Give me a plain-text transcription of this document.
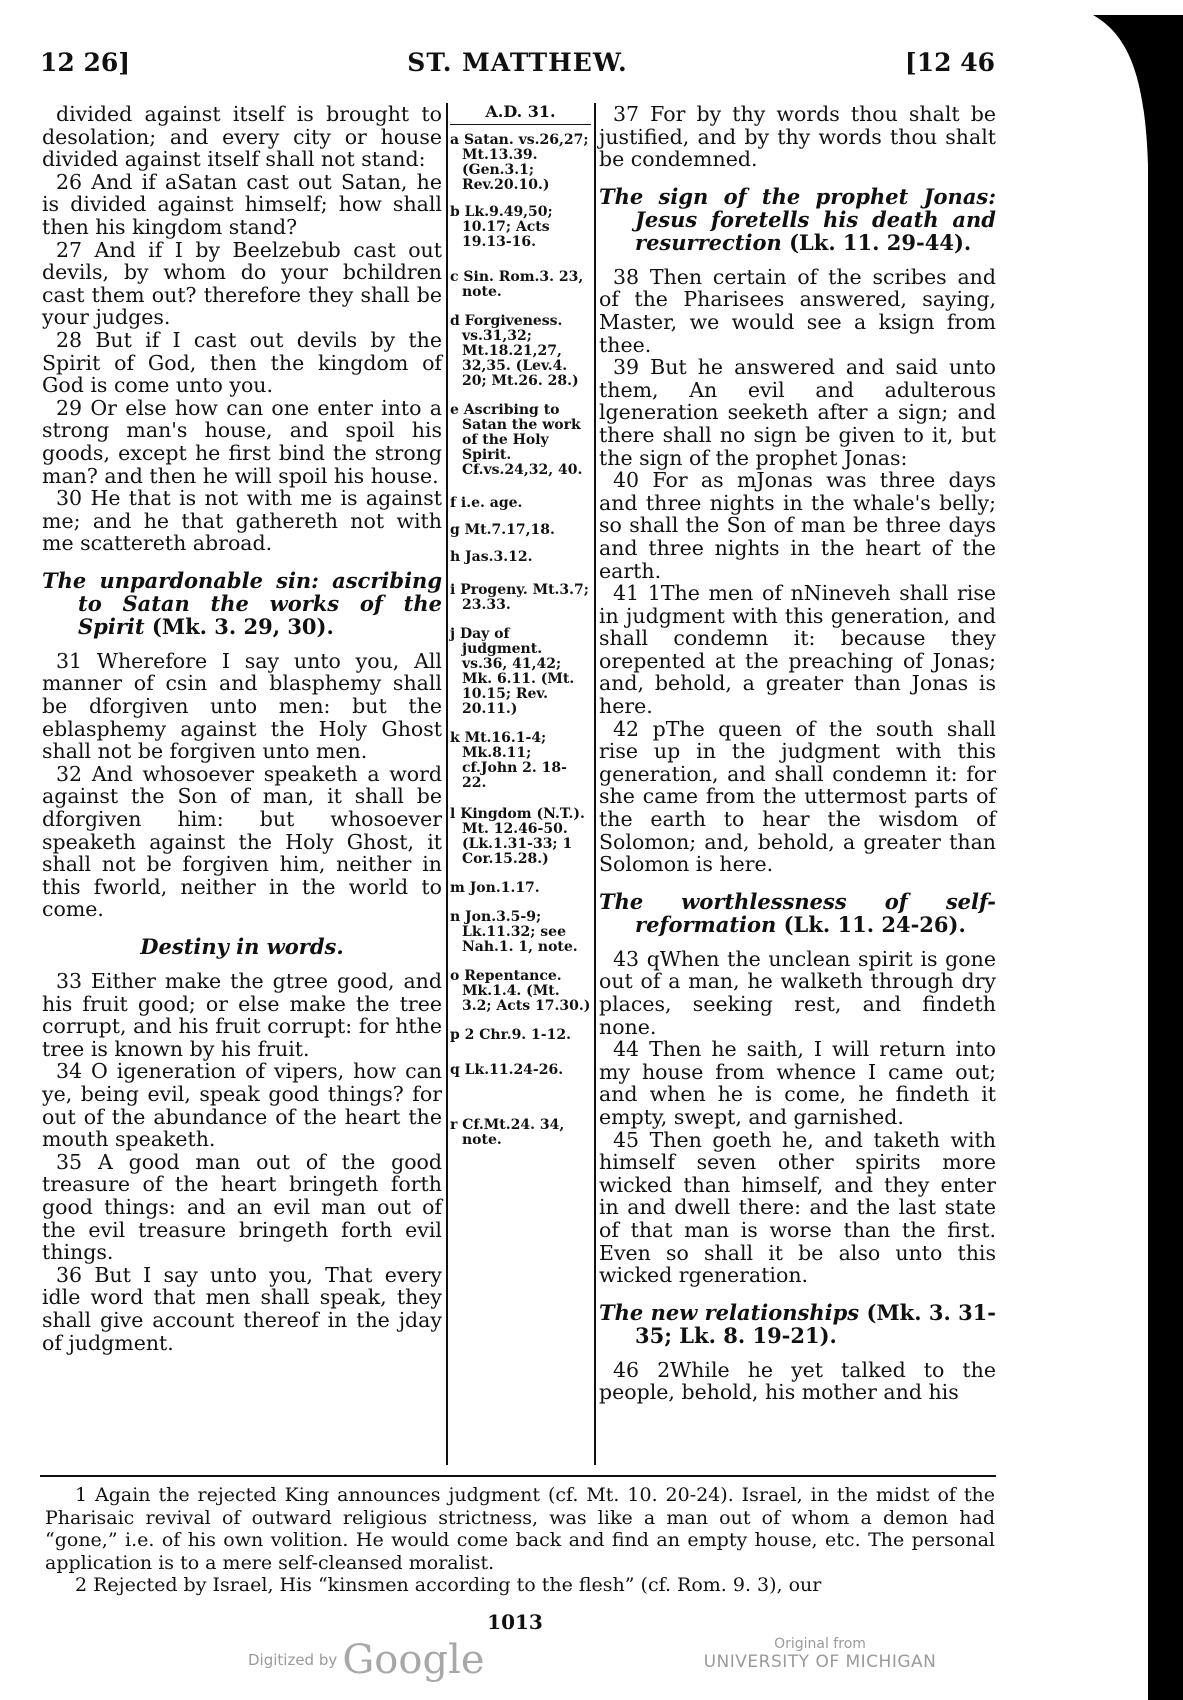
12 26]	ST. MATTHEW.	[12 46

divided against itself is brought to desolation; and every city or house divided against itself shall not stand:

26 And if aSatan cast out Satan, he is divided against himself; how shall then his kingdom stand?

27 And if I by Beelzebub cast out devils, by whom do your bchildren cast them out? therefore they shall be your judges.

28 But if I cast out devils by the Spirit of God, then the kingdom of God is come unto you.

29 Or else how can one enter into a strong man's house, and spoil his goods, except he first bind the strong man? and then he will spoil his house.

30 He that is not with me is against me; and he that gathereth not with me scattereth abroad.

The unpardonable sin: ascribing to Satan the works of the Spirit (Mk. 3. 29, 30).

31 Wherefore I say unto you, All manner of csin and blasphemy shall be dforgiven unto men: but the eblasphemy against the Holy Ghost shall not be forgiven unto men.

32 And whosoever speaketh a word against the Son of man, it shall be dforgiven him: but whosoever speaketh against the Holy Ghost, it shall not be forgiven him, neither in this fworld, neither in the world to come.

Destiny in words.

33 Either make the gtree good, and his fruit good; or else make the tree corrupt, and his fruit corrupt: for hthe tree is known by his fruit.

34 O igeneration of vipers, how can ye, being evil, speak good things? for out of the abundance of the heart the mouth speaketh.

35 A good man out of the good treasure of the heart bringeth forth good things: and an evil man out of the evil treasure bringeth forth evil things.

36 But I say unto you, That every idle word that men shall speak, they shall give account thereof in the jday of judgment.

A.D. 31.
a Satan. vs.26,27; Mt.13.39. (Gen.3.1; Rev.20.10.)
b Lk.9.49,50; 10.17; Acts 19.13-16.
c Sin. Rom.3. 23, note.
d Forgiveness. vs.31,32; Mt.18.21,27, 32,35. (Lev.4. 20; Mt.26. 28.)
e Ascribing to Satan the work of the Holy Spirit. Cf.vs.24,32, 40.
f i.e. age.
g Mt.7.17,18.
h Jas.3.12.
i Progeny. Mt.3.7; 23.33.
j Day of judgment. vs.36, 41,42; Mk. 6.11. (Mt. 10.15; Rev. 20.11.)
k Mt.16.1-4; Mk.8.11; cf.John 2. 18-22.
l Kingdom (N.T.). Mt. 12.46-50. (Lk.1.31-33; 1 Cor.15.28.)
m Jon.1.17.
n Jon.3.5-9; Lk.11.32; see Nah.1. 1, note.
o Repentance. Mk.1.4. (Mt. 3.2; Acts 17.30.)
p 2 Chr.9. 1-12.
q Lk.11.24-26.
r Cf.Mt.24. 34, note.

37 For by thy words thou shalt be justified, and by thy words thou shalt be condemned.

The sign of the prophet Jonas: Jesus foretells his death and resurrection (Lk. 11. 29-44).

38 Then certain of the scribes and of the Pharisees answered, saying, Master, we would see a ksign from thee.

39 But he answered and said unto them, An evil and adulterous lgeneration seeketh after a sign; and there shall no sign be given to it, but the sign of the prophet Jonas:

40 For as mJonas was three days and three nights in the whale's belly; so shall the Son of man be three days and three nights in the heart of the earth.

41 1The men of nNineveh shall rise in judgment with this generation, and shall condemn it: because they orepented at the preaching of Jonas; and, behold, a greater than Jonas is here.

42 pThe queen of the south shall rise up in the judgment with this generation, and shall condemn it: for she came from the uttermost parts of the earth to hear the wisdom of Solomon; and, behold, a greater than Solomon is here.

The worthlessness of self-reformation (Lk. 11. 24-26).

43 qWhen the unclean spirit is gone out of a man, he walketh through dry places, seeking rest, and findeth none.

44 Then he saith, I will return into my house from whence I came out; and when he is come, he findeth it empty, swept, and garnished.

45 Then goeth he, and taketh with himself seven other spirits more wicked than himself, and they enter in and dwell there: and the last state of that man is worse than the first. Even so shall it be also unto this wicked rgeneration.

The new relationships (Mk. 3. 31-35; Lk. 8. 19-21).

46 2While he yet talked to the people, behold, his mother and his

1 Again the rejected King announces judgment (cf. Mt. 10. 20-24). Israel, in the midst of the Pharisaic revival of outward religious strictness, was like a man out of whom a demon had “gone,” i.e. of his own volition. He would come back and find an empty house, etc. The personal application is to a mere self-cleansed moralist.

2 Rejected by Israel, His “kinsmen according to the flesh” (cf. Rom. 9. 3), our

1013
Digitized by Google	Original from
UNIVERSITY OF MICHIGAN
